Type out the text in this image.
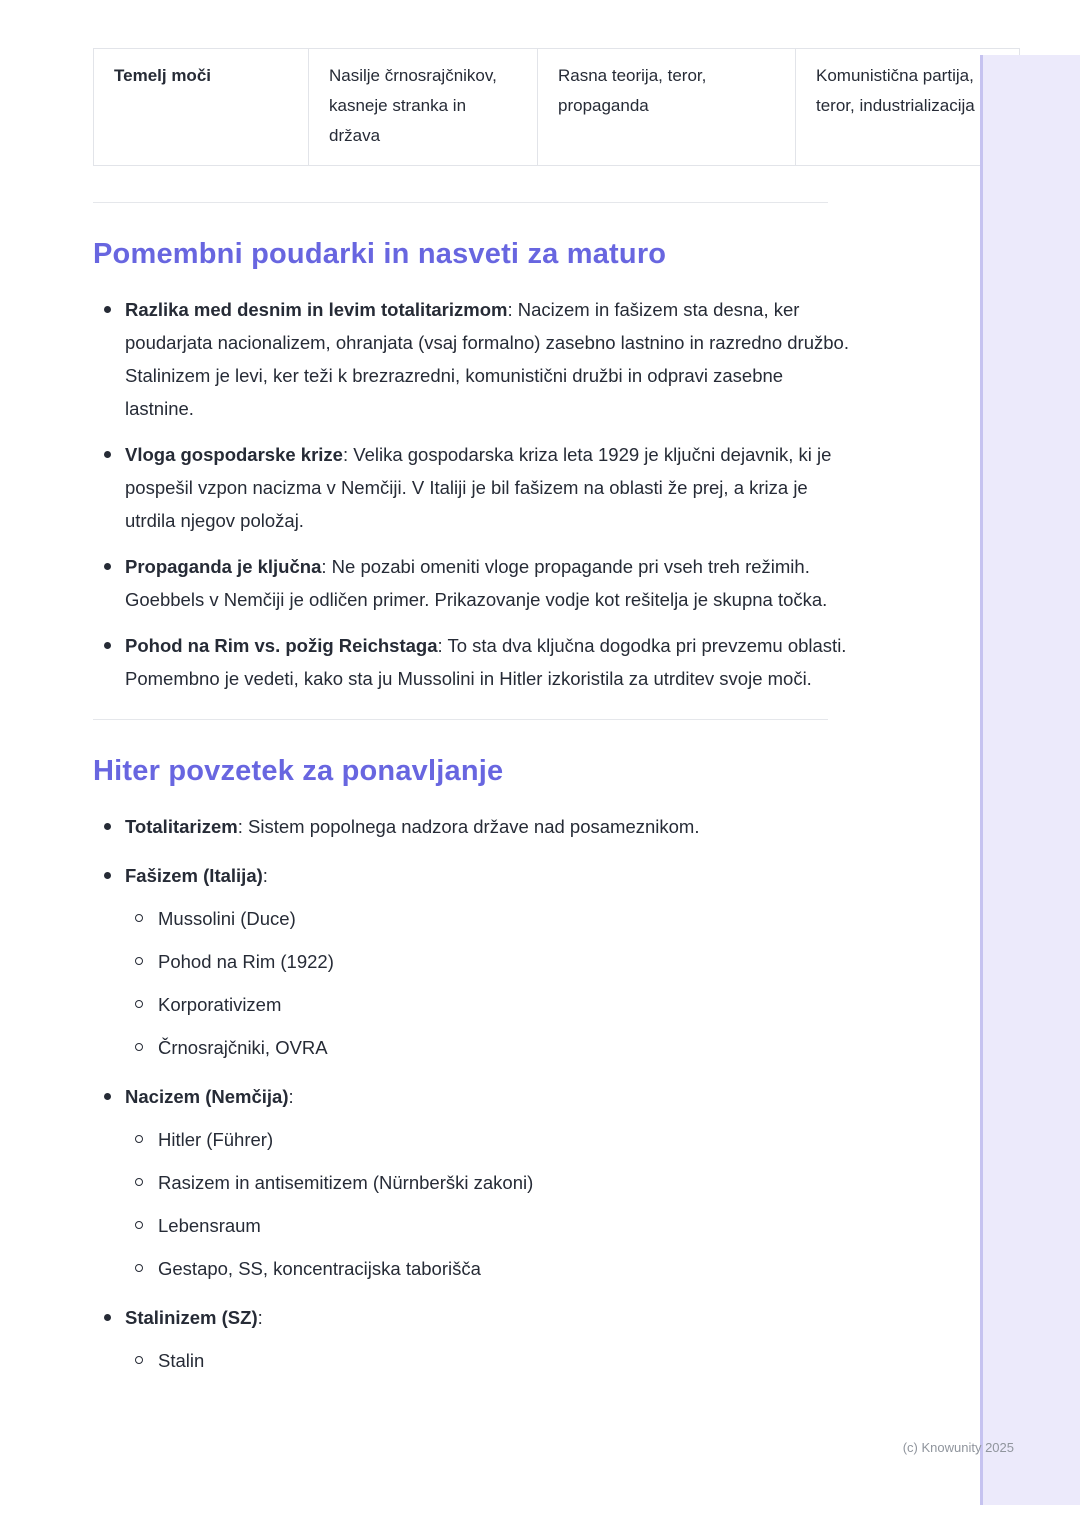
Temelj moči	Nasilje črnosrajčnikov, kasneje stranka in država	Rasna teorija, teror, propaganda	Komunistična partija, teror, industrializacija
Pomembni poudarki in nasveti za maturo

Razlika med desnim in levim totalitarizmom: Nacizem in fašizem sta desna, ker poudarjata nacionalizem, ohranjata (vsaj formalno) zasebno lastnino in razredno družbo. Stalinizem je levi, ker teži k brezrazredni, komunistični družbi in odpravi zasebne lastnine.

Vloga gospodarske krize: Velika gospodarska kriza leta 1929 je ključni dejavnik, ki je pospešil vzpon nacizma v Nemčiji. V Italiji je bil fašizem na oblasti že prej, a kriza je utrdila njegov položaj.

Propaganda je ključna: Ne pozabi omeniti vloge propagande pri vseh treh režimih. Goebbels v Nemčiji je odličen primer. Prikazovanje vodje kot rešitelja je skupna točka.

Pohod na Rim vs. požig Reichstaga: To sta dva ključna dogodka pri prevzemu oblasti. Pomembno je vedeti, kako sta ju Mussolini in Hitler izkoristila za utrditev svoje moči.

Hiter povzetek za ponavljanje

Totalitarizem: Sistem popolnega nadzora države nad posameznikom.

Fašizem (Italija):

Mussolini (Duce)
Pohod na Rim (1922)
Korporativizem
Črnosrajčniki, OVRA

Nacizem (Nemčija):

Hitler (Führer)
Rasizem in antisemitizem (Nürnberški zakoni)
Lebensraum
Gestapo, SS, koncentracijska taborišča

Stalinizem (SZ):

Stalin
(c) Knowunity 2025
